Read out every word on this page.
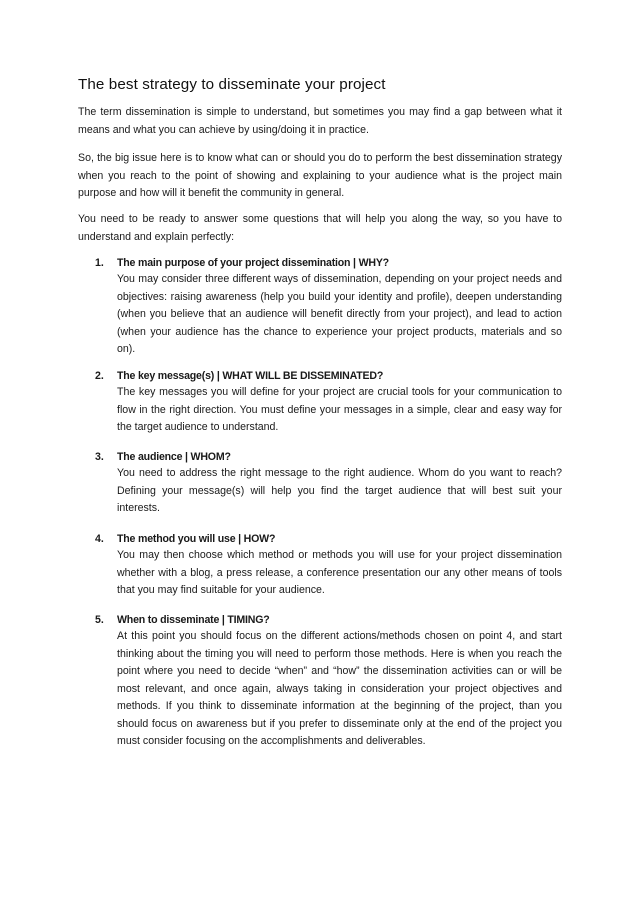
The best strategy to disseminate your project

The term dissemination is simple to understand, but sometimes you may find a gap between what it means and what you can achieve by using/doing it in practice.

So, the big issue here is to know what can or should you do to perform the best dissemination strategy when you reach to the point of showing and explaining to your audience what is the project main purpose and how will it benefit the community in general.

You need to be ready to answer some questions that will help you along the way, so you have to understand and explain perfectly:

1. The main purpose of your project dissemination | WHY?

You may consider three different ways of dissemination, depending on your project needs and objectives: raising awareness (help you build your identity and profile), deepen understanding (when you believe that an audience will benefit directly from your project), and lead to action (when your audience has the chance to experience your project products, materials and so on).

2. The key message(s) | WHAT WILL BE DISSEMINATED?

The key messages you will define for your project are crucial tools for your communication to flow in the right direction. You must define your messages in a simple, clear and easy way for the target audience to understand.

3. The audience | WHOM?

You need to address the right message to the right audience. Whom do you want to reach? Defining your message(s) will help you find the target audience that will best suit your interests.

4. The method you will use | HOW?

You may then choose which method or methods you will use for your project dissemination whether with a blog, a press release, a conference presentation our any other means of tools that you may find suitable for your audience.

5. When to disseminate | TIMING?

At this point you should focus on the different actions/methods chosen on point 4, and start thinking about the timing you will need to perform those methods. Here is when you reach the point where you need to decide “when” and “how” the dissemination activities can or will be most relevant, and once again, always taking in consideration your project objectives and methods. If you think to disseminate information at the beginning of the project, than you should focus on awareness but if you prefer to disseminate only at the end of the project you must consider focusing on the accomplishments and deliverables.
